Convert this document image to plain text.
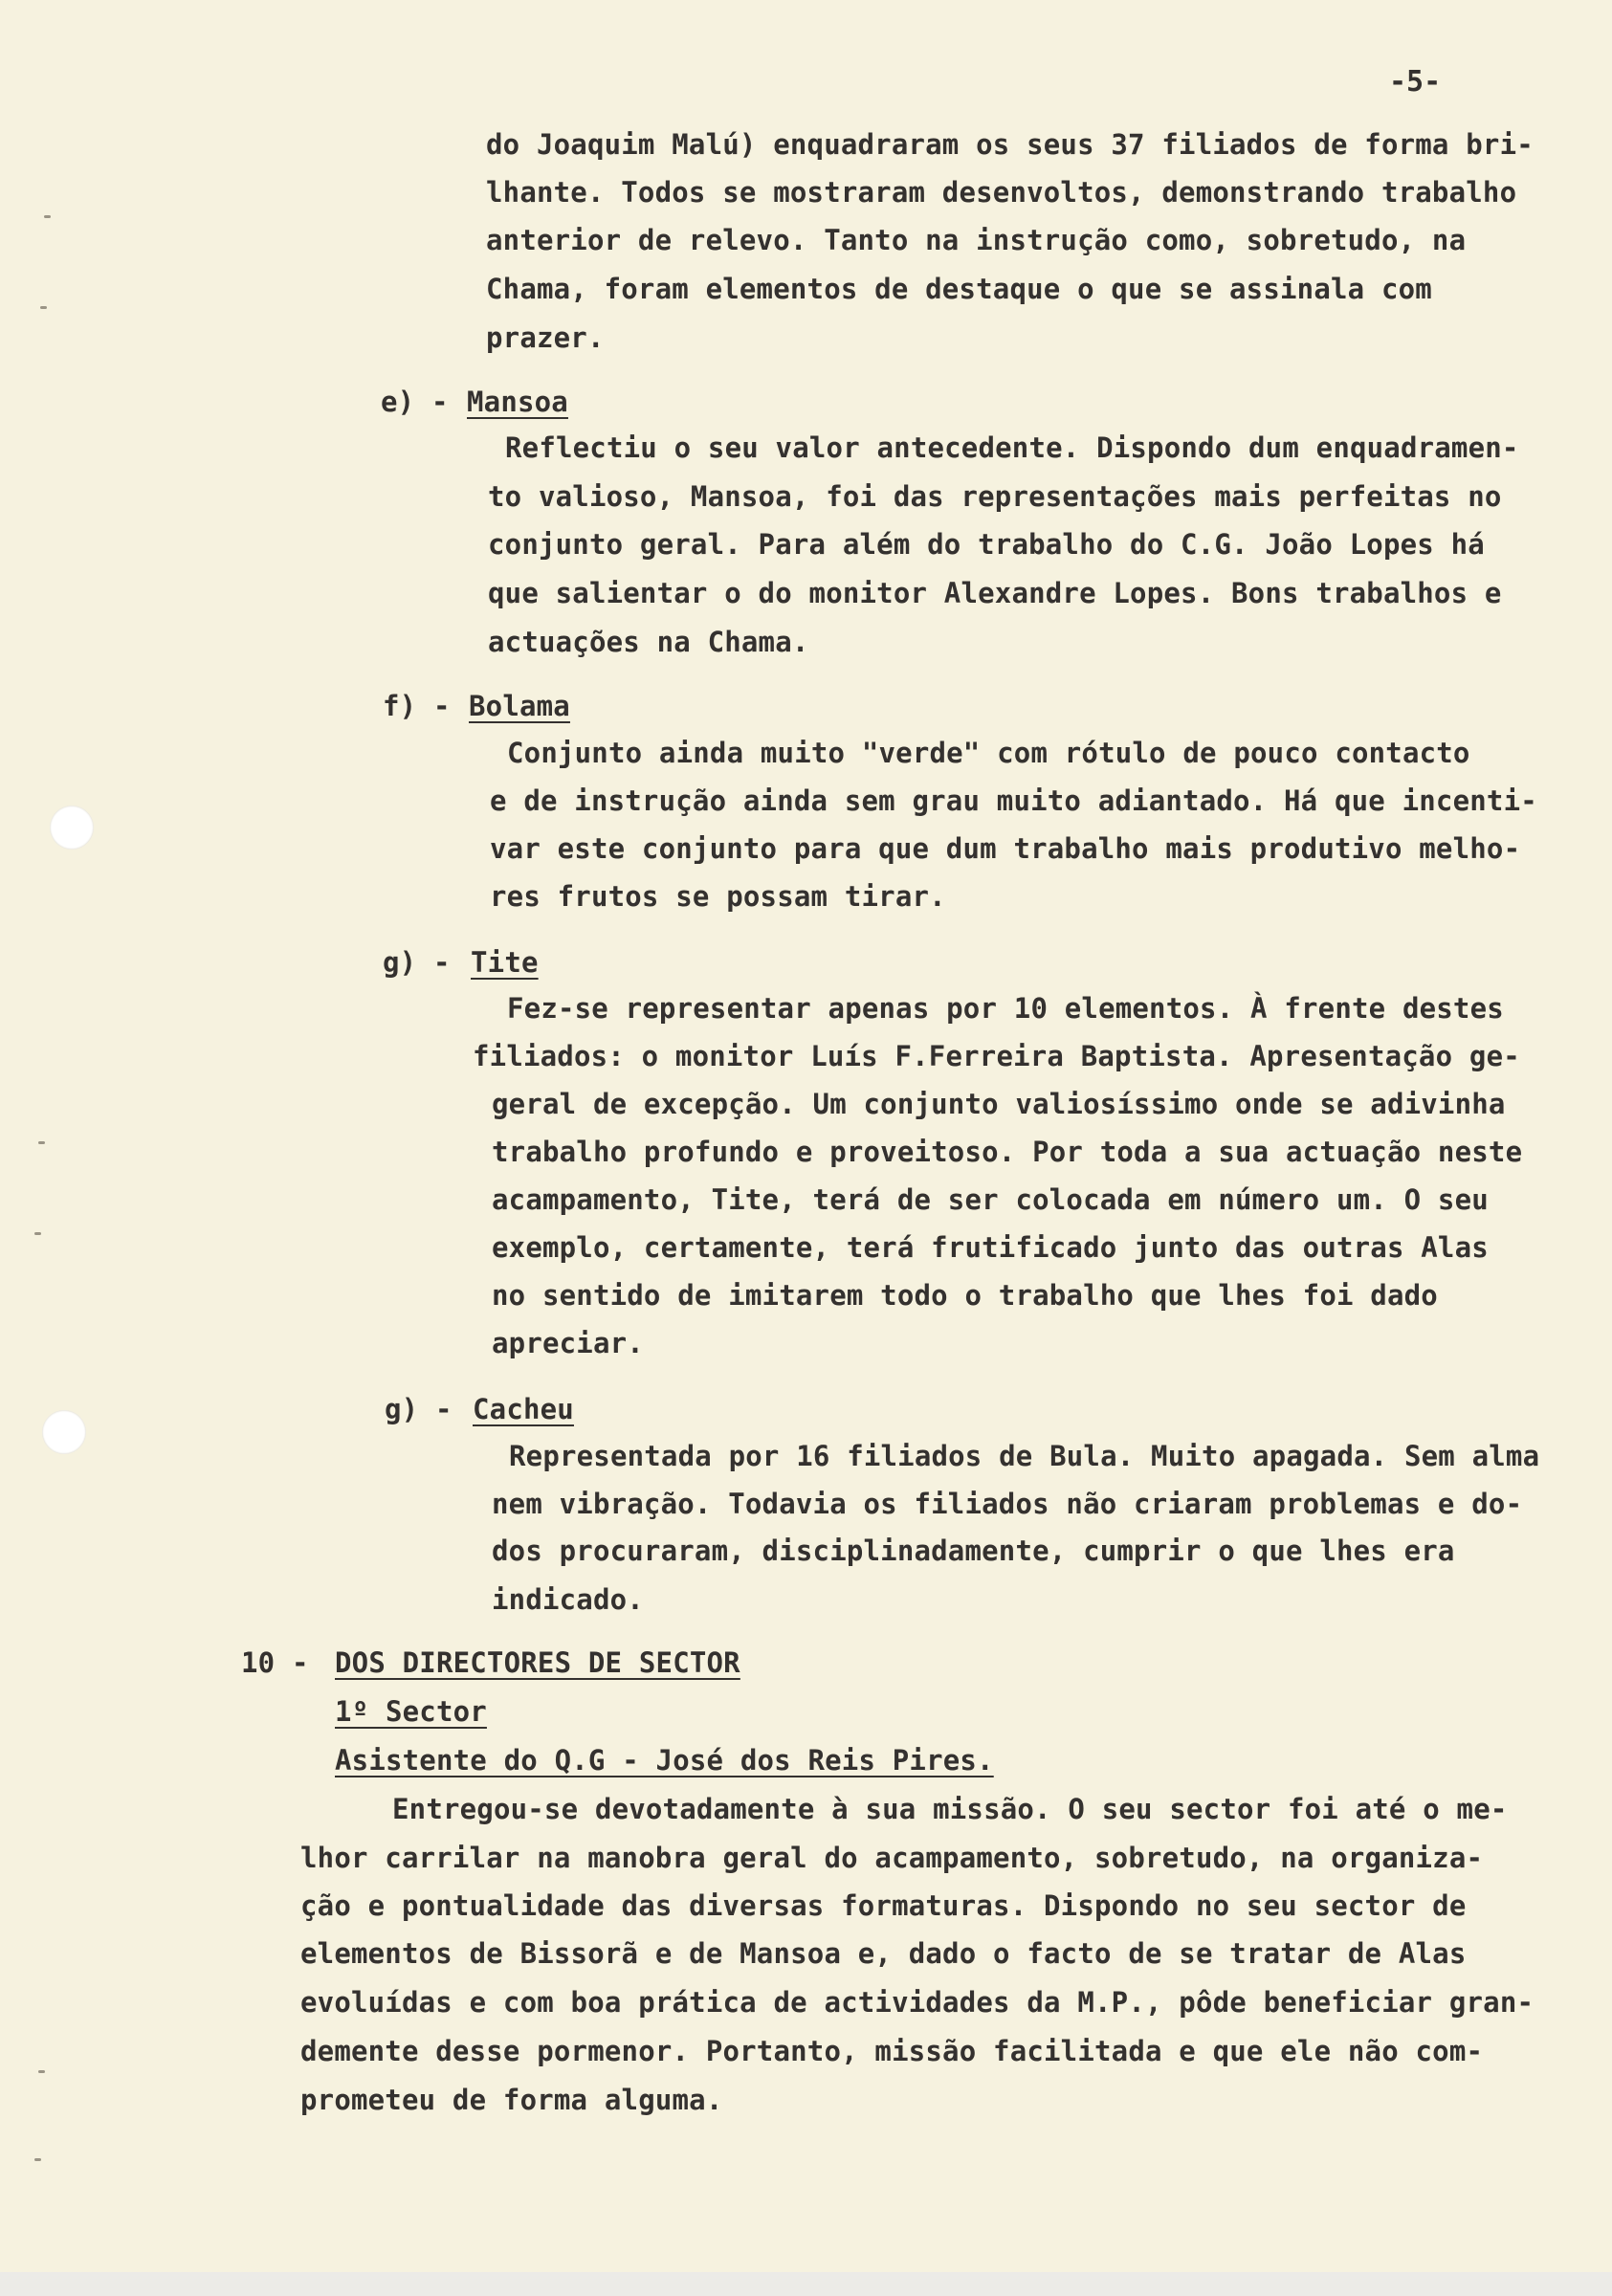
-5-
do Joaquim Malú) enquadraram os seus 37 filiados de forma bri-
lhante. Todos se mostraram desenvoltos, demonstrando trabalho
anterior de relevo. Tanto na instrução como, sobretudo, na
Chama, foram elementos de destaque o que se assinala com
prazer.
e) - Mansoa
Reflectiu o seu valor antecedente. Dispondo dum enquadramen-
to valioso, Mansoa, foi das representações mais perfeitas no
conjunto geral. Para além do trabalho do C.G. João Lopes há
que salientar o do monitor Alexandre Lopes. Bons trabalhos e
actuações na Chama.
f) - Bolama
Conjunto ainda muito "verde" com rótulo de pouco contacto
e de instrução ainda sem grau muito adiantado. Há que incenti-
var este conjunto para que dum trabalho mais produtivo melho-
res frutos se possam tirar.
g) - Tite
Fez-se representar apenas por 10 elementos. À frente destes
filiados: o monitor Luís F.Ferreira Baptista. Apresentação ge-
geral de excepção. Um conjunto valiosíssimo onde se adivinha
trabalho profundo e proveitoso. Por toda a sua actuação neste
acampamento, Tite, terá de ser colocada em número um. O seu
exemplo, certamente, terá frutificado junto das outras Alas
no sentido de imitarem todo o trabalho que lhes foi dado
apreciar.
g) - Cacheu
Representada por 16 filiados de Bula. Muito apagada. Sem alma
nem vibração. Todavia os filiados não criaram problemas e do-
dos procuraram, disciplinadamente, cumprir o que lhes era
indicado.
10 - DOS DIRECTORES DE SECTOR
1º Sector
Asistente do Q.G - José dos Reis Pires.
Entregou-se devotadamente à sua missão. O seu sector foi até o me-
lhor carrilar na manobra geral do acampamento, sobretudo, na organiza-
ção e pontualidade das diversas formaturas. Dispondo no seu sector de
elementos de Bissorã e de Mansoa e, dado o facto de se tratar de Alas
evoluídas e com boa prática de actividades da M.P., pôde beneficiar gran-
demente desse pormenor. Portanto, missão facilitada e que ele não com-
prometeu de forma alguma.
